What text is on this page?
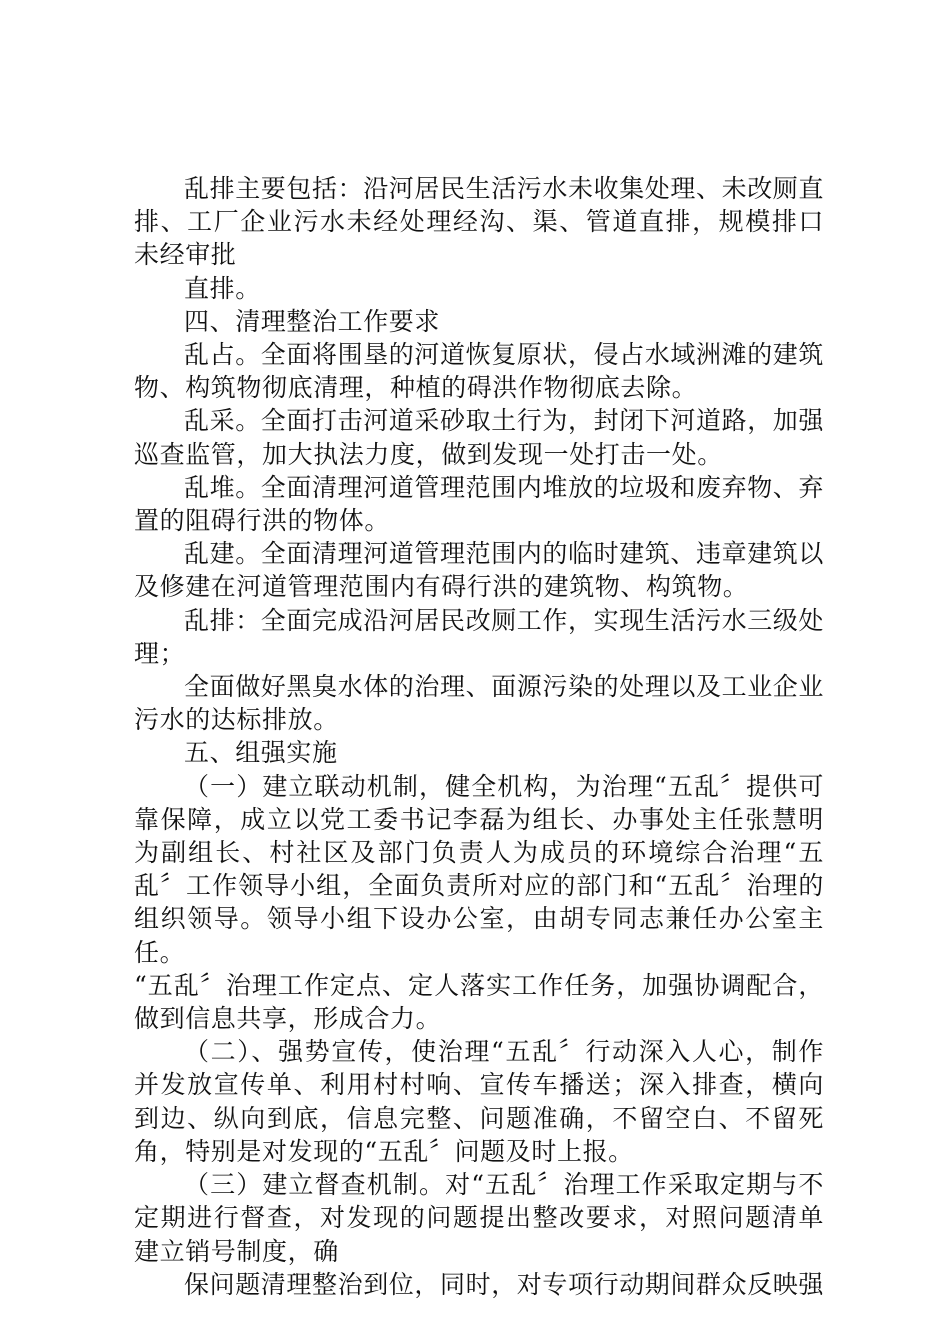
乱排主要包括：沿河居民生活污水未收集处理、未改厕直排、工厂企业污水未经处理经沟、渠、管道直排，规模排口未经审批

直排。

四、清理整治工作要求

乱占。全面将围垦的河道恢复原状，侵占水域洲滩的建筑物、构筑物彻底清理，种植的碍洪作物彻底去除。

乱采。全面打击河道采砂取土行为，封闭下河道路，加强巡查监管，加大执法力度，做到发现一处打击一处。

乱堆。全面清理河道管理范围内堆放的垃圾和废弃物、弃置的阻碍行洪的物体。

乱建。全面清理河道管理范围内的临时建筑、违章建筑以及修建在河道管理范围内有碍行洪的建筑物、构筑物。

乱排：全面完成沿河居民改厕工作，实现生活污水三级处理；

全面做好黑臭水体的治理、面源污染的处理以及工业企业污水的达标排放。

五、组强实施

（一）建立联动机制，健全机构，为治理“五乱〞提供可靠保障，成立以党工委书记李磊为组长、办事处主任张慧明为副组长、村社区及部门负责人为成员的环境综合治理“五乱〞工作领导小组，全面负责所对应的部门和“五乱〞治理的组织领导。领导小组下设办公室，由胡专同志兼任办公室主任。

“五乱〞治理工作定点、定人落实工作任务，加强协调配合，做到信息共享，形成合力。

（二）、强势宣传，使治理“五乱〞行动深入人心，制作并发放宣传单、利用村村响、宣传车播送；深入排查，横向到边、纵向到底，信息完整、问题准确，不留空白、不留死角，特别是对发现的“五乱〞问题及时上报。

（三）建立督查机制。对“五乱〞治理工作采取定期与不定期进行督查，对发现的问题提出整改要求，对照问题清单建立销号制度，确

保问题清理整治到位，同时，对专项行动期间群众反映强
